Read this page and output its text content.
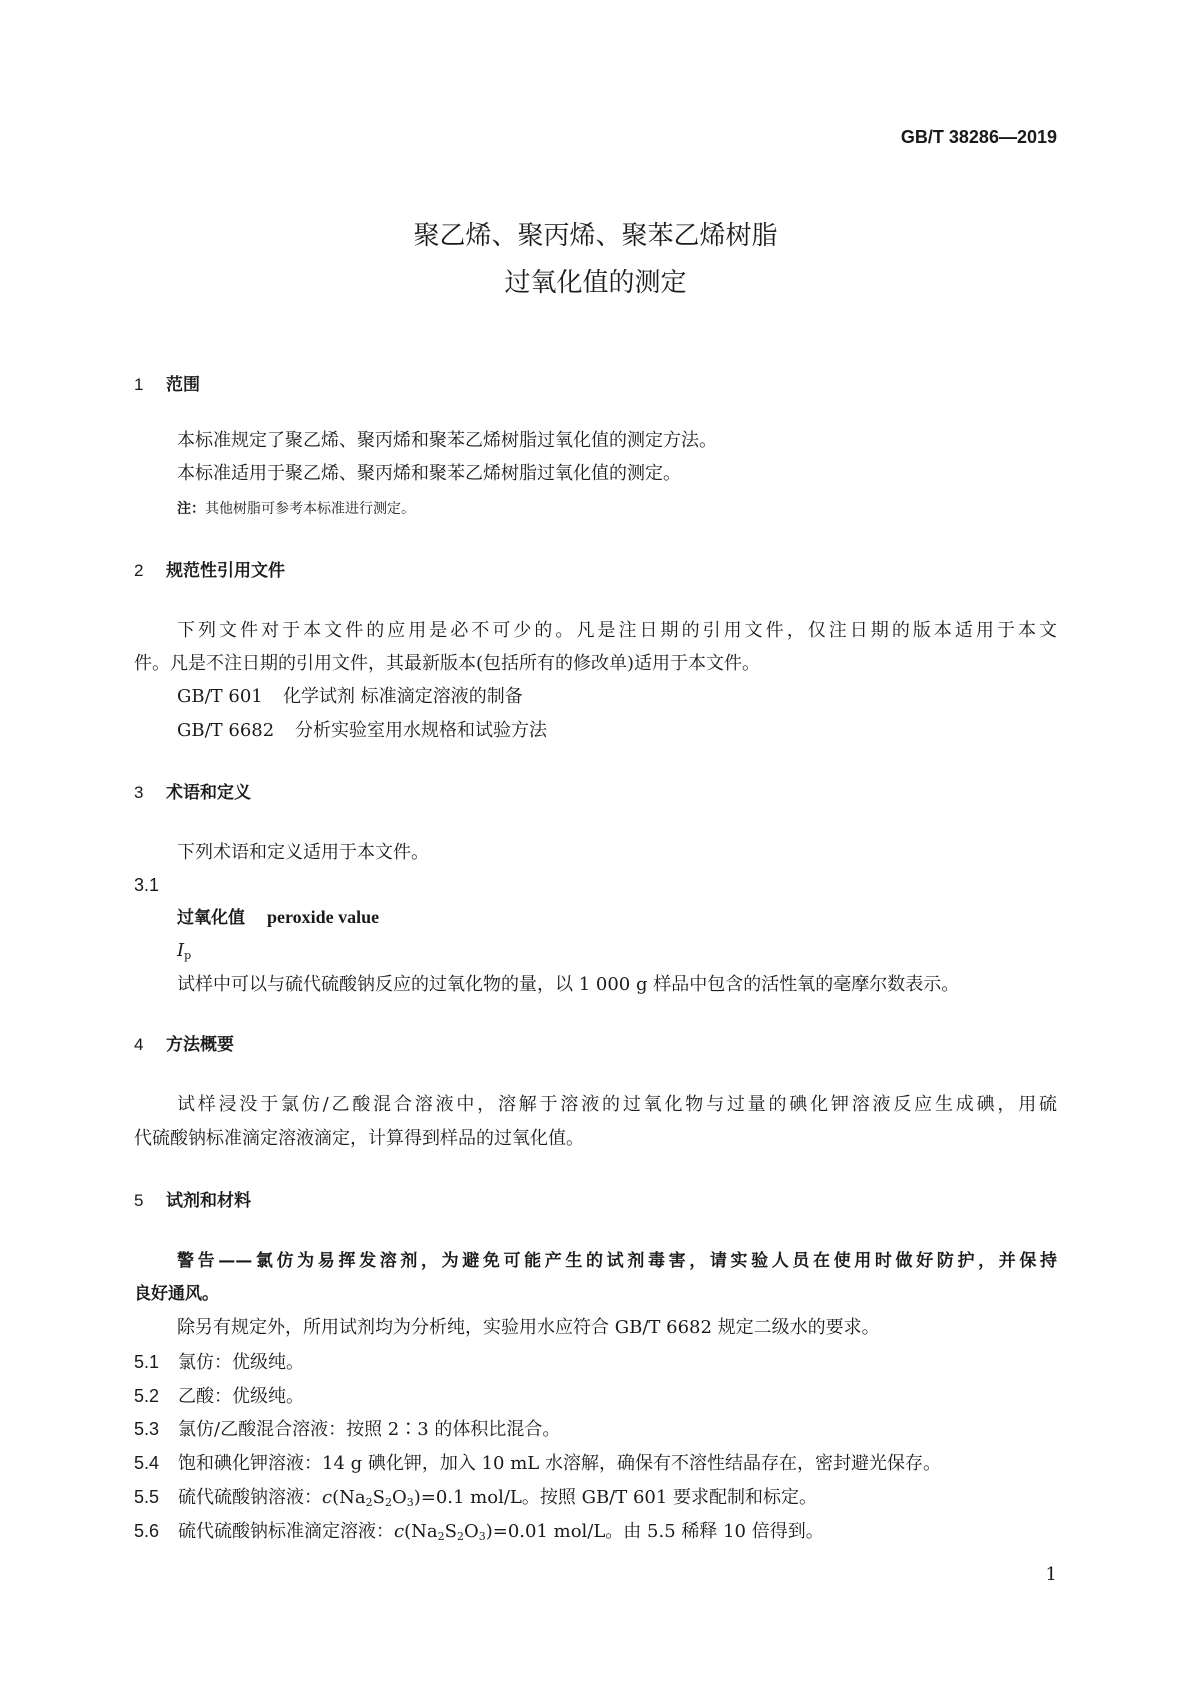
GB/T 38286—2019
聚乙烯、聚丙烯、聚苯乙烯树脂
过氧化值的测定
1 范围
本标准规定了聚乙烯、聚丙烯和聚苯乙烯树脂过氧化值的测定方法。
本标准适用于聚乙烯、聚丙烯和聚苯乙烯树脂过氧化值的测定。
注：其他树脂可参考本标准进行测定。
2 规范性引用文件
下列文件对于本文件的应用是必不可少的。凡是注日期的引用文件，仅注日期的版本适用于本文
件。凡是不注日期的引用文件，其最新版本(包括所有的修改单)适用于本文件。
GB/T 601 化学试剂 标准滴定溶液的制备
GB/T 6682 分析实验室用水规格和试验方法
3 术语和定义
下列术语和定义适用于本文件。
3.1
过氧化值 peroxide value
$I_p$
试样中可以与硫代硫酸钠反应的过氧化物的量，以 1 000 g 样品中包含的活性氧的毫摩尔数表示。
4 方法概要
试样浸没于氯仿/乙酸混合溶液中，溶解于溶液的过氧化物与过量的碘化钾溶液反应生成碘，用硫
代硫酸钠标准滴定溶液滴定，计算得到样品的过氧化值。
5 试剂和材料
警告——氯仿为易挥发溶剂，为避免可能产生的试剂毒害，请实验人员在使用时做好防护，并保持
良好通风。
除另有规定外，所用试剂均为分析纯，实验用水应符合 GB/T 6682 规定二级水的要求。
5.1 氯仿：优级纯。
5.2 乙酸：优级纯。
5.3 氯仿/乙酸混合溶液：按照 2∶3 的体积比混合。
5.4 饱和碘化钾溶液：14 g 碘化钾，加入 10 mL 水溶解，确保有不溶性结晶存在，密封避光保存。
5.5 硫代硫酸钠溶液：$c(Na_2S_2O_3)=0.1$ mol/L。按照 GB/T 601 要求配制和标定。
5.6 硫代硫酸钠标准滴定溶液：$c(Na_2S_2O_3)=0.01$ mol/L。由 5.5 稀释 10 倍得到。
1
